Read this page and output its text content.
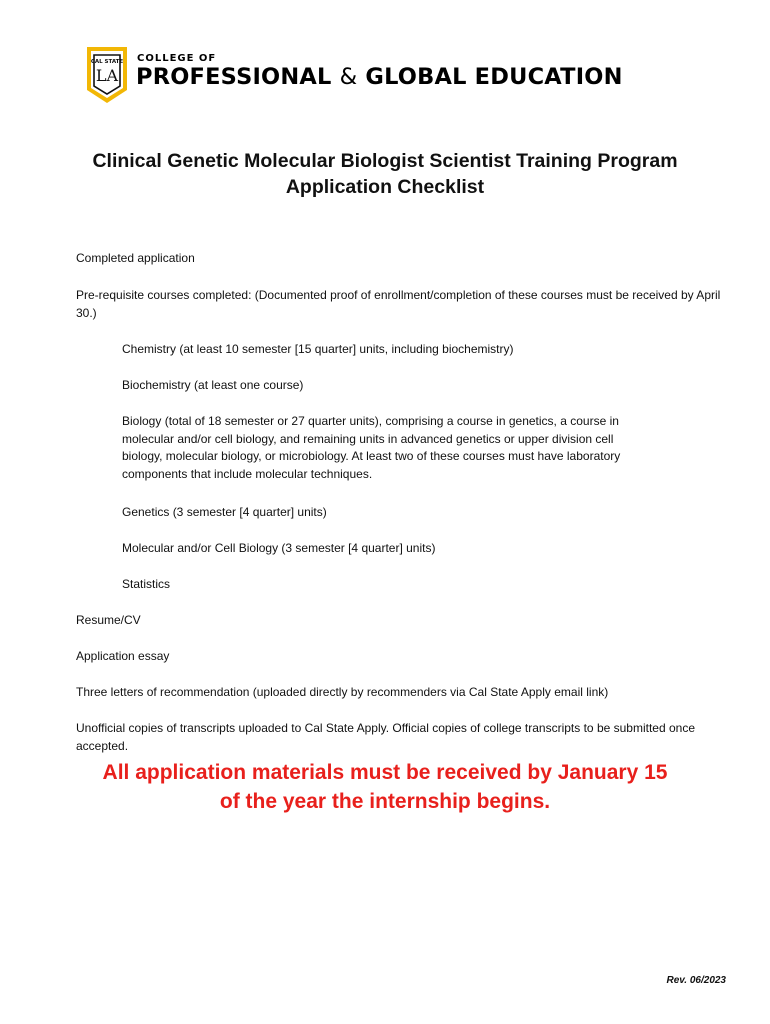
CAL STATE
LA
COLLEGE OF
PROFESSIONAL & GLOBAL EDUCATION
Clinical Genetic Molecular Biologist Scientist Training Program
Application Checklist
Completed application
Pre-requisite courses completed: (Documented proof of enrollment/completion of these courses must be received by April 30.)
Chemistry (at least 10 semester [15 quarter] units, including biochemistry)
Biochemistry (at least one course)
Biology (total of 18 semester or 27 quarter units), comprising a course in genetics, a course in molecular and/or cell biology, and remaining units in advanced genetics or upper division cell biology, molecular biology, or microbiology. At least two of these courses must have laboratory components that include molecular techniques.
Genetics (3 semester [4 quarter] units)
Molecular and/or Cell Biology (3 semester [4 quarter] units)
Statistics
Resume/CV
Application essay
Three letters of recommendation (uploaded directly by recommenders via Cal State Apply email link)
Unofficial copies of transcripts uploaded to Cal State Apply. Official copies of college transcripts to be submitted once accepted.
All application materials must be received by January 15
of the year the internship begins.
Rev. 06/2023
